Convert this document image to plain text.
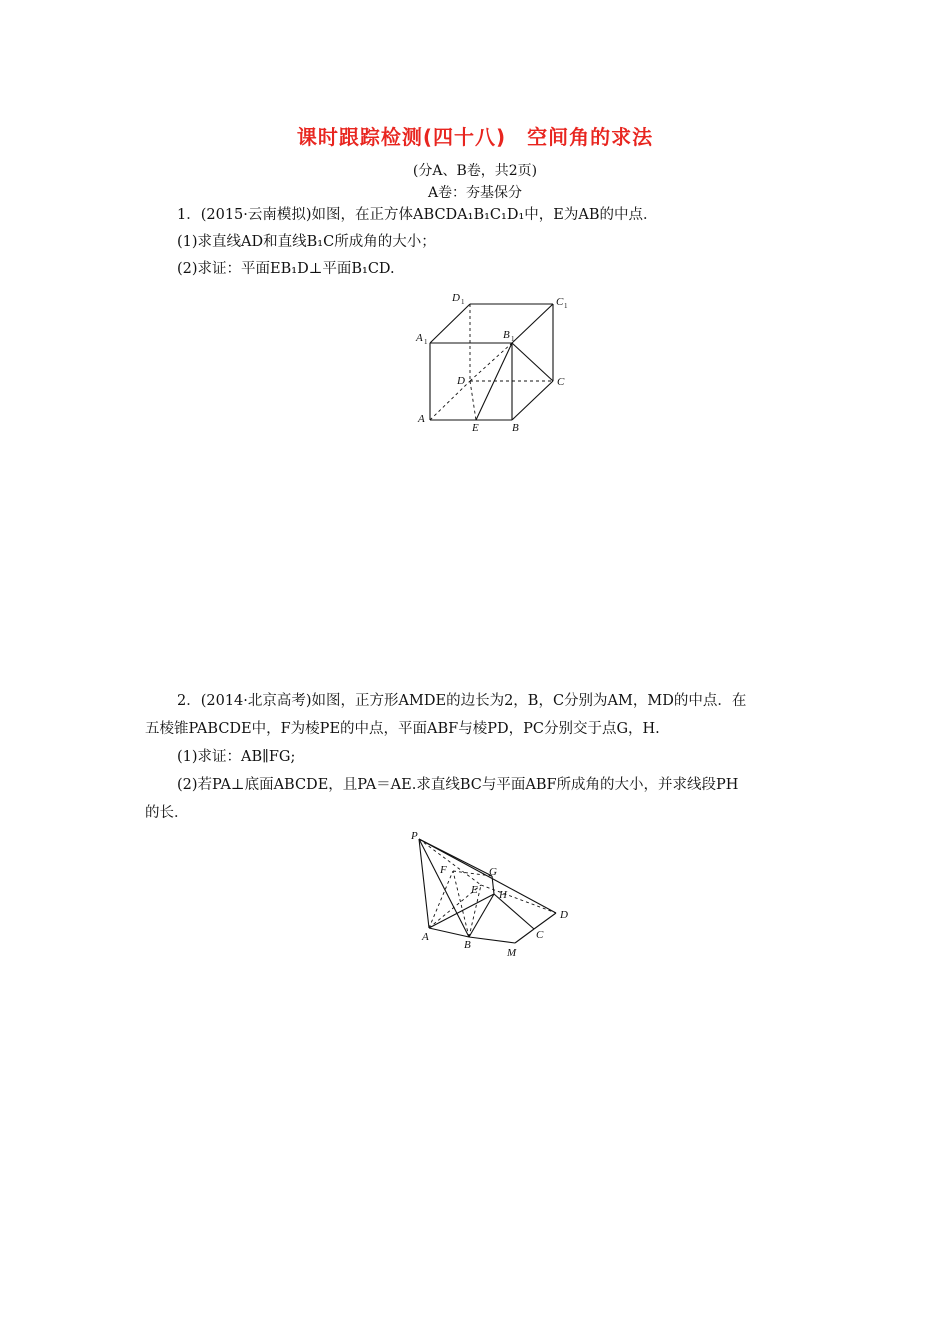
课时跟踪检测(四十八)　空间角的求法
(分A、B卷，共2页)
A卷：夯基保分
1．(2015·云南模拟)如图，在正方体ABCDA₁B₁C₁D₁中，E为AB的中点．
(1)求直线AD和直线B₁C所成角的大小；
(2)求证：平面EB₁D⊥平面B₁CD.
D 1	C 1
A 1
B 1
D	C
A
E	B
2．(2014·北京高考)如图，正方形AMDE的边长为2，B，C分别为AM，MD的中点．在
五棱锥PABCDE中，F为棱PE的中点，平面ABF与棱PD，PC分别交于点G，H.
(1)求证：AB∥FG;
(2)若PA⊥底面ABCDE，且PA＝AE.求直线BC与平面ABF所成角的大小，并求线段PH
的长．
P
F	G
E H
D
A
B
C
M
